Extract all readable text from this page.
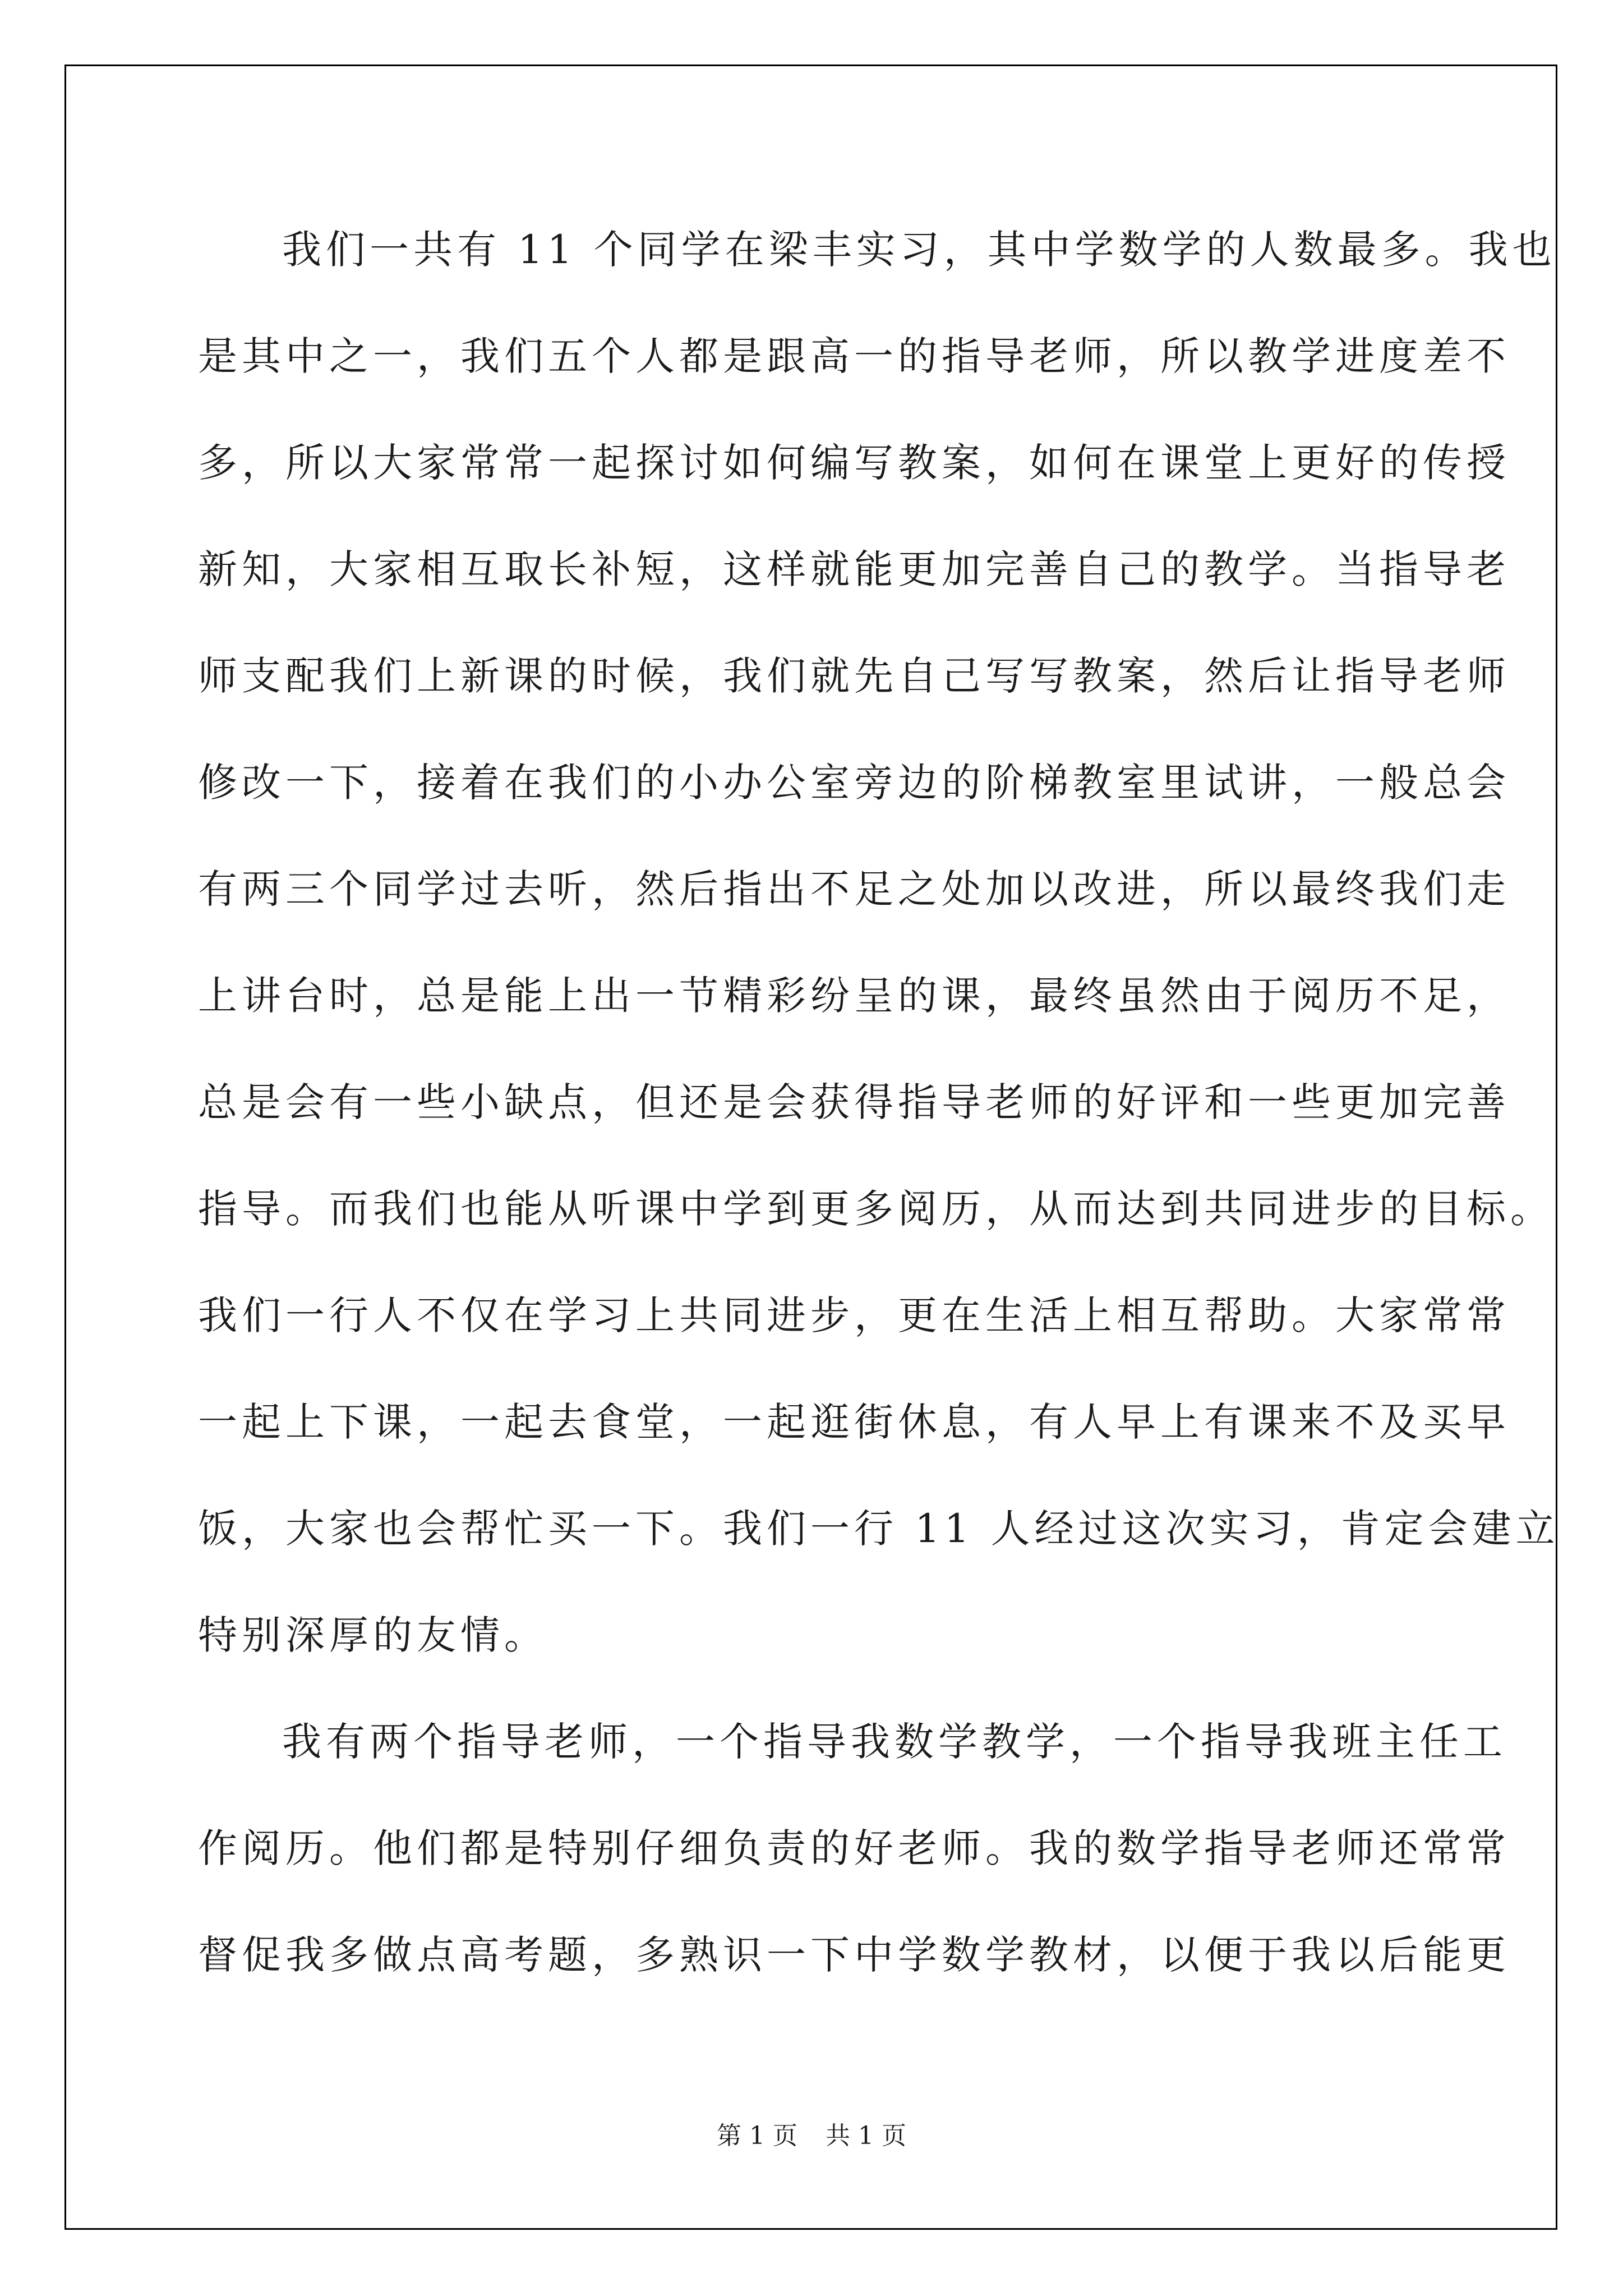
我们一共有 11 个同学在梁丰实习，其中学数学的人数最多。我也
是其中之一，我们五个人都是跟高一的指导老师，所以教学进度差不
多，所以大家常常一起探讨如何编写教案，如何在课堂上更好的传授
新知，大家相互取长补短，这样就能更加完善自己的教学。当指导老
师支配我们上新课的时候，我们就先自己写写教案，然后让指导老师
修改一下，接着在我们的小办公室旁边的阶梯教室里试讲，一般总会
有两三个同学过去听，然后指出不足之处加以改进，所以最终我们走
上讲台时，总是能上出一节精彩纷呈的课，最终虽然由于阅历不足，
总是会有一些小缺点，但还是会获得指导老师的好评和一些更加完善
指导。而我们也能从听课中学到更多阅历，从而达到共同进步的目标。
我们一行人不仅在学习上共同进步，更在生活上相互帮助。大家常常
一起上下课，一起去食堂，一起逛街休息，有人早上有课来不及买早
饭，大家也会帮忙买一下。我们一行 11 人经过这次实习，肯定会建立
特别深厚的友情。
我有两个指导老师，一个指导我数学教学，一个指导我班主任工
作阅历。他们都是特别仔细负责的好老师。我的数学指导老师还常常
督促我多做点高考题，多熟识一下中学数学教材，以便于我以后能更
第 1 页 共 1 页
